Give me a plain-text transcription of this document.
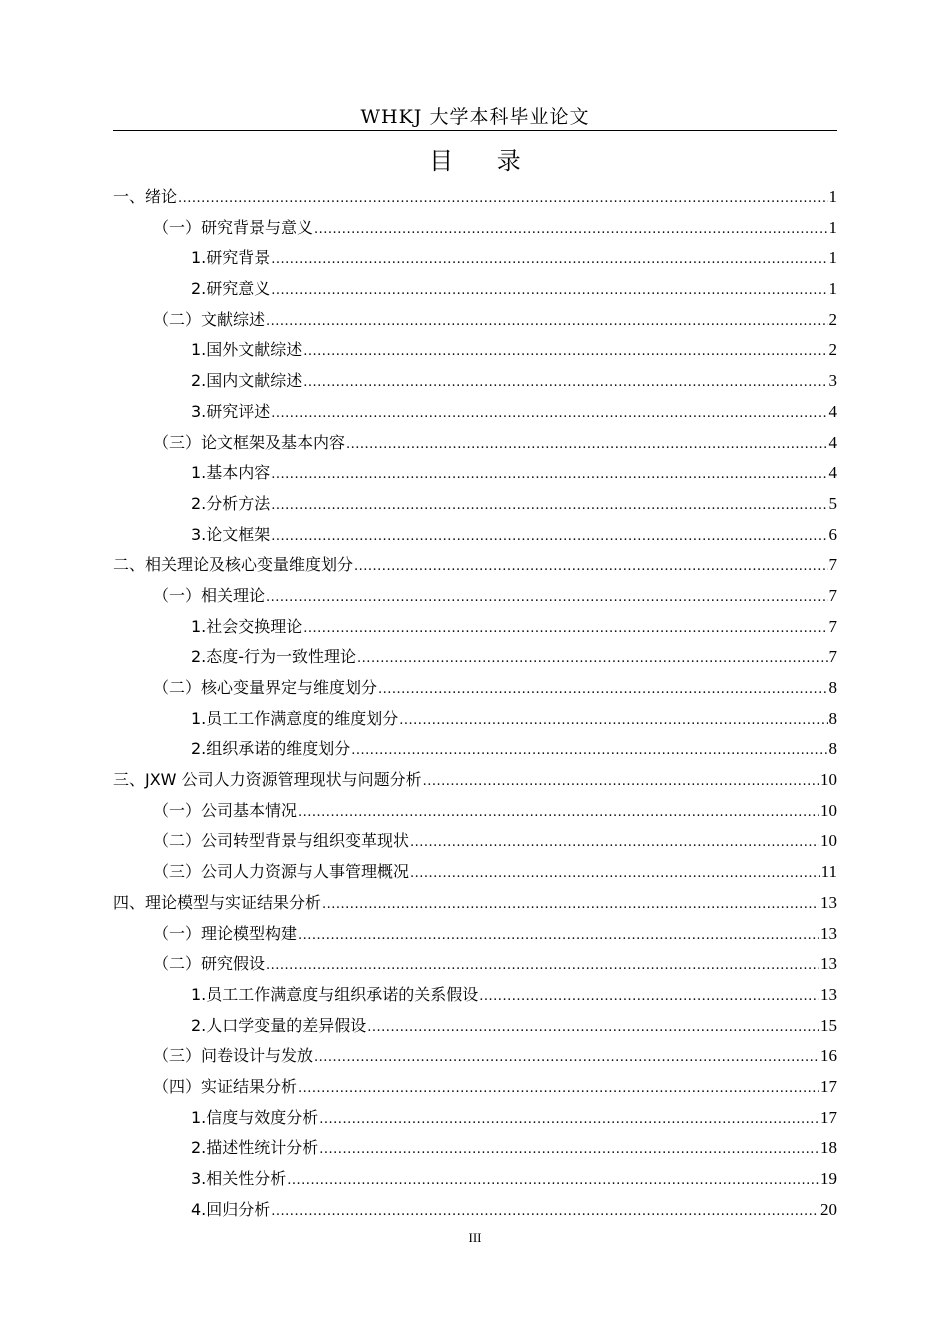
WHKJ 大学本科毕业论文
目 录
一、绪论 .....	1
（一）研究背景与意义 .....	1
1.研究背景 .....	1
2.研究意义 .....	1
（二）文献综述 .....	2
1.国外文献综述 .....	2
2.国内文献综述 .....	3
3.研究评述 .....	4
（三）论文框架及基本内容 .....	4
1.基本内容 .....	4
2.分析方法 .....	5
3.论文框架 .....	6
二、相关理论及核心变量维度划分 .....	7
（一）相关理论 .....	7
1.社会交换理论 .....	7
2.态度-行为一致性理论 .....	7
（二）核心变量界定与维度划分 .....	8
1.员工工作满意度的维度划分 .....	8
2.组织承诺的维度划分 .....	8
三、JXW 公司人力资源管理现状与问题分析 .....	10
（一）公司基本情况 .....	10
（二）公司转型背景与组织变革现状 .....	10
（三）公司人力资源与人事管理概况 .....	11
四、理论模型与实证结果分析 .....	13
（一）理论模型构建 .....	13
（二）研究假设 .....	13
1.员工工作满意度与组织承诺的关系假设 .....	13
2.人口学变量的差异假设 .....	15
（三）问卷设计与发放 .....	16
（四）实证结果分析 .....	17
1.信度与效度分析 .....	17
2.描述性统计分析 .....	18
3.相关性分析 .....	19
4.回归分析 .....	20
III
